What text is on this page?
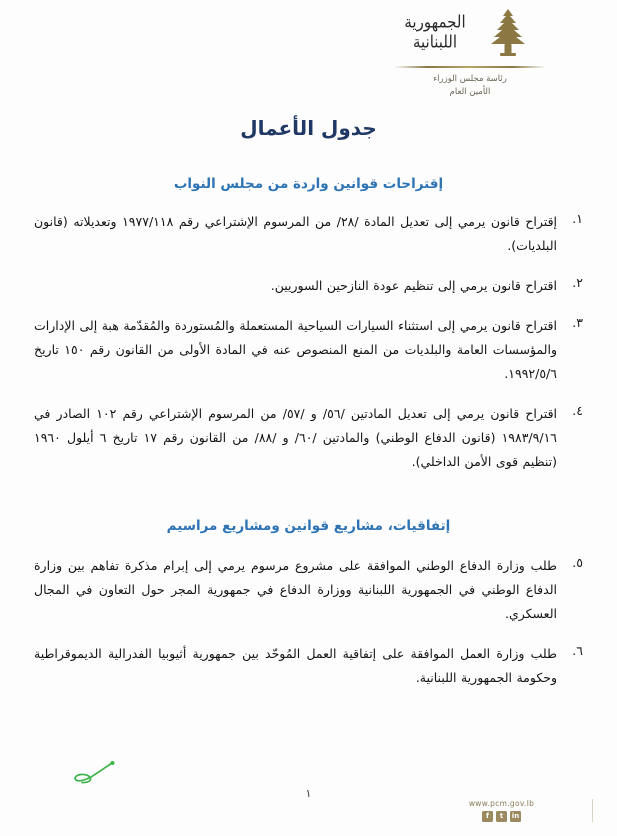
الجمهورية
اللبنانية
رئاسة مجلس الوزراء
الأمين العام
جدول الأعمال
إقتراحات قوانين واردة من مجلس النواب
١.
إقتراح قانون يرمي إلى تعديل المادة /٢٨/ من المرسوم الإشتراعي رقم ١٩٧٧/١١٨ وتعديلاته (قانون البلديات).
٢.
اقتراح قانون يرمي إلى تنظيم عودة النازحين السوريين.
٣.
اقتراح قانون يرمي إلى استثناء السيارات السياحية المستعملة والمُستوردة والمُقدّمة هبة إلى الإدارات والمؤسسات العامة والبلديات من المنع المنصوص عنه في المادة الأولى من القانون رقم ١٥٠ تاريخ ١٩٩٢/٥/٦.
٤.
اقتراح قانون يرمي إلى تعديل المادتين /٥٦/ و /٥٧/ من المرسوم الإشتراعي رقم ١٠٢ الصادر في ١٩٨٣/٩/١٦ (قانون الدفاع الوطني) والمادتين /٦٠/ و /٨٨/ من القانون رقم ١٧ تاريخ ٦ أيلول ١٩٦٠ (تنظيم قوى الأمن الداخلي).
إتفاقيات، مشاريع قوانين ومشاريع مراسيم
٥.
طلب وزارة الدفاع الوطني الموافقة على مشروع مرسوم يرمي إلى إبرام مذكرة تفاهم بين وزارة الدفاع الوطني في الجمهورية اللبنانية ووزارة الدفاع في جمهورية المجر حول التعاون في المجال العسكري.
٦.
طلب وزارة العمل الموافقة على إتفاقية العمل المُوحّد بين جمهورية أثيوبيا الفدرالية الديموقراطية وحكومة الجمهورية اللبنانية.
١
www.pcm.gov.lb
f	t	in
